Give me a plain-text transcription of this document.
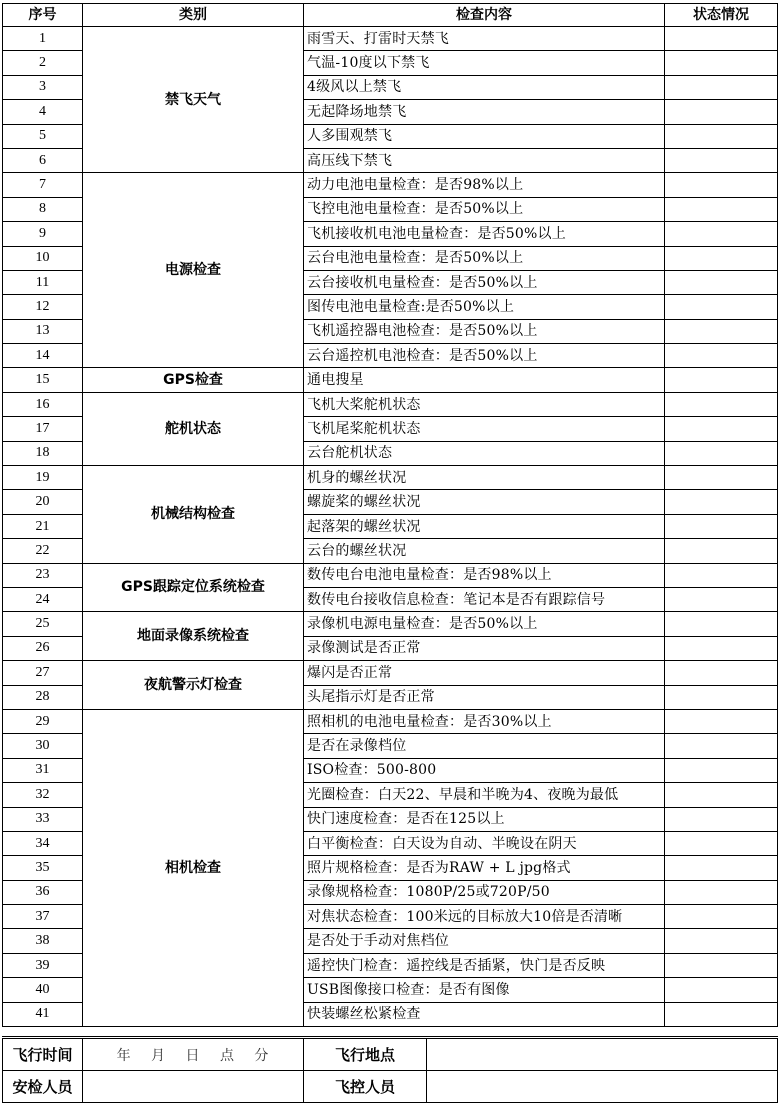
序号	类别	检查内容	状态情况
1	禁飞天气	雨雪天、打雷时天禁飞	
2		气温-10度以下禁飞	
3		4级风以上禁飞	
4		无起降场地禁飞	
5		人多围观禁飞	
6		高压线下禁飞	
7	电源检查	动力电池电量检查：是否98%以上	
8		飞控电池电量检查：是否50%以上	
9		飞机接收机电池电量检查：是否50%以上	
10		云台电池电量检查：是否50%以上	
11		云台接收机电量检查：是否50%以上	
12		图传电池电量检查:是否50%以上	
13		飞机遥控器电池检查：是否50%以上	
14		云台遥控机电池检查：是否50%以上	
15	GPS检查	通电搜星	
16	舵机状态	飞机大桨舵机状态	
17		飞机尾桨舵机状态	
18		云台舵机状态	
19	机械结构检查	机身的螺丝状况	
20		螺旋桨的螺丝状况	
21		起落架的螺丝状况	
22		云台的螺丝状况	
23	GPS跟踪定位系统检查	数传电台电池电量检查：是否98%以上	
24		数传电台接收信息检查：笔记本是否有跟踪信号	
25	地面录像系统检查	录像机电源电量检查：是否50%以上	
26		录像测试是否正常	
27	夜航警示灯检查	爆闪是否正常	
28		头尾指示灯是否正常	
29	相机检查	照相机的电池电量检查：是否30%以上	
30		是否在录像档位	
31		ISO检查：500-800	
32		光圈检查：白天22、早晨和半晚为4、夜晚为最低	
33		快门速度检查：是否在125以上	
34		白平衡检查：白天设为自动、半晚设在阴天	
35		照片规格检查：是否为RAW + L jpg格式	
36		录像规格检查：1080P/25或720P/50	
37		对焦状态检查：100米远的目标放大10倍是否清晰	
38		是否处于手动对焦档位	
39		遥控快门检查：遥控线是否插紧，快门是否反映	
40		USB图像接口检查：是否有图像	
41		快装螺丝松紧检查	
飞行时间	年 月 日 点 分	飞行地点	
安检人员		飞控人员	
